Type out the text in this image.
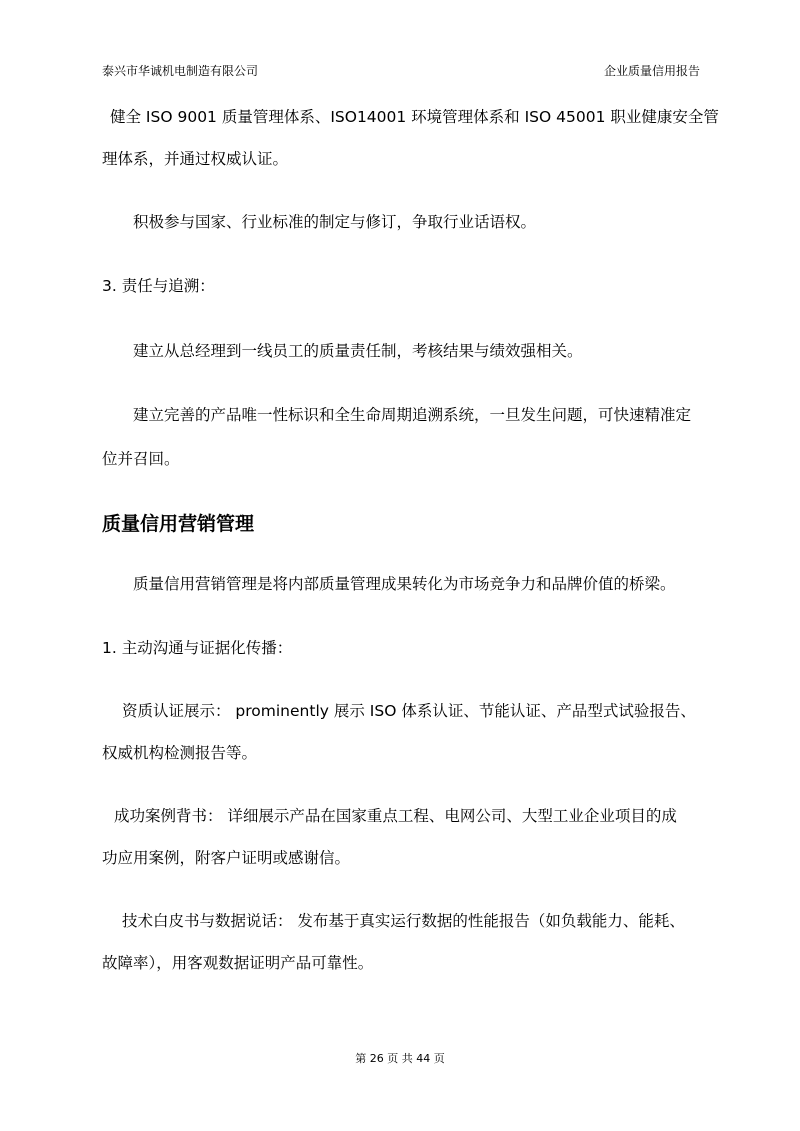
泰兴市华诚机电制造有限公司	企业质量信用报告
健全 ISO 9001 质量管理体系、ISO14001 环境管理体系和 ISO 45001 职业健康安全管
理体系，并通过权威认证。
积极参与国家、行业标准的制定与修订，争取行业话语权。
3. 责任与追溯：
建立从总经理到一线员工的质量责任制，考核结果与绩效强相关。
建立完善的产品唯一性标识和全生命周期追溯系统，一旦发生问题，可快速精准定
位并召回。
质量信用营销管理
质量信用营销管理是将内部质量管理成果转化为市场竞争力和品牌价值的桥梁。
1. 主动沟通与证据化传播：
资质认证展示： prominently 展示 ISO 体系认证、节能认证、产品型式试验报告、
权威机构检测报告等。
成功案例背书： 详细展示产品在国家重点工程、电网公司、大型工业企业项目的成
功应用案例，附客户证明或感谢信。
技术白皮书与数据说话： 发布基于真实运行数据的性能报告（如负载能力、能耗、
故障率），用客观数据证明产品可靠性。
第 26 页 共 44 页
